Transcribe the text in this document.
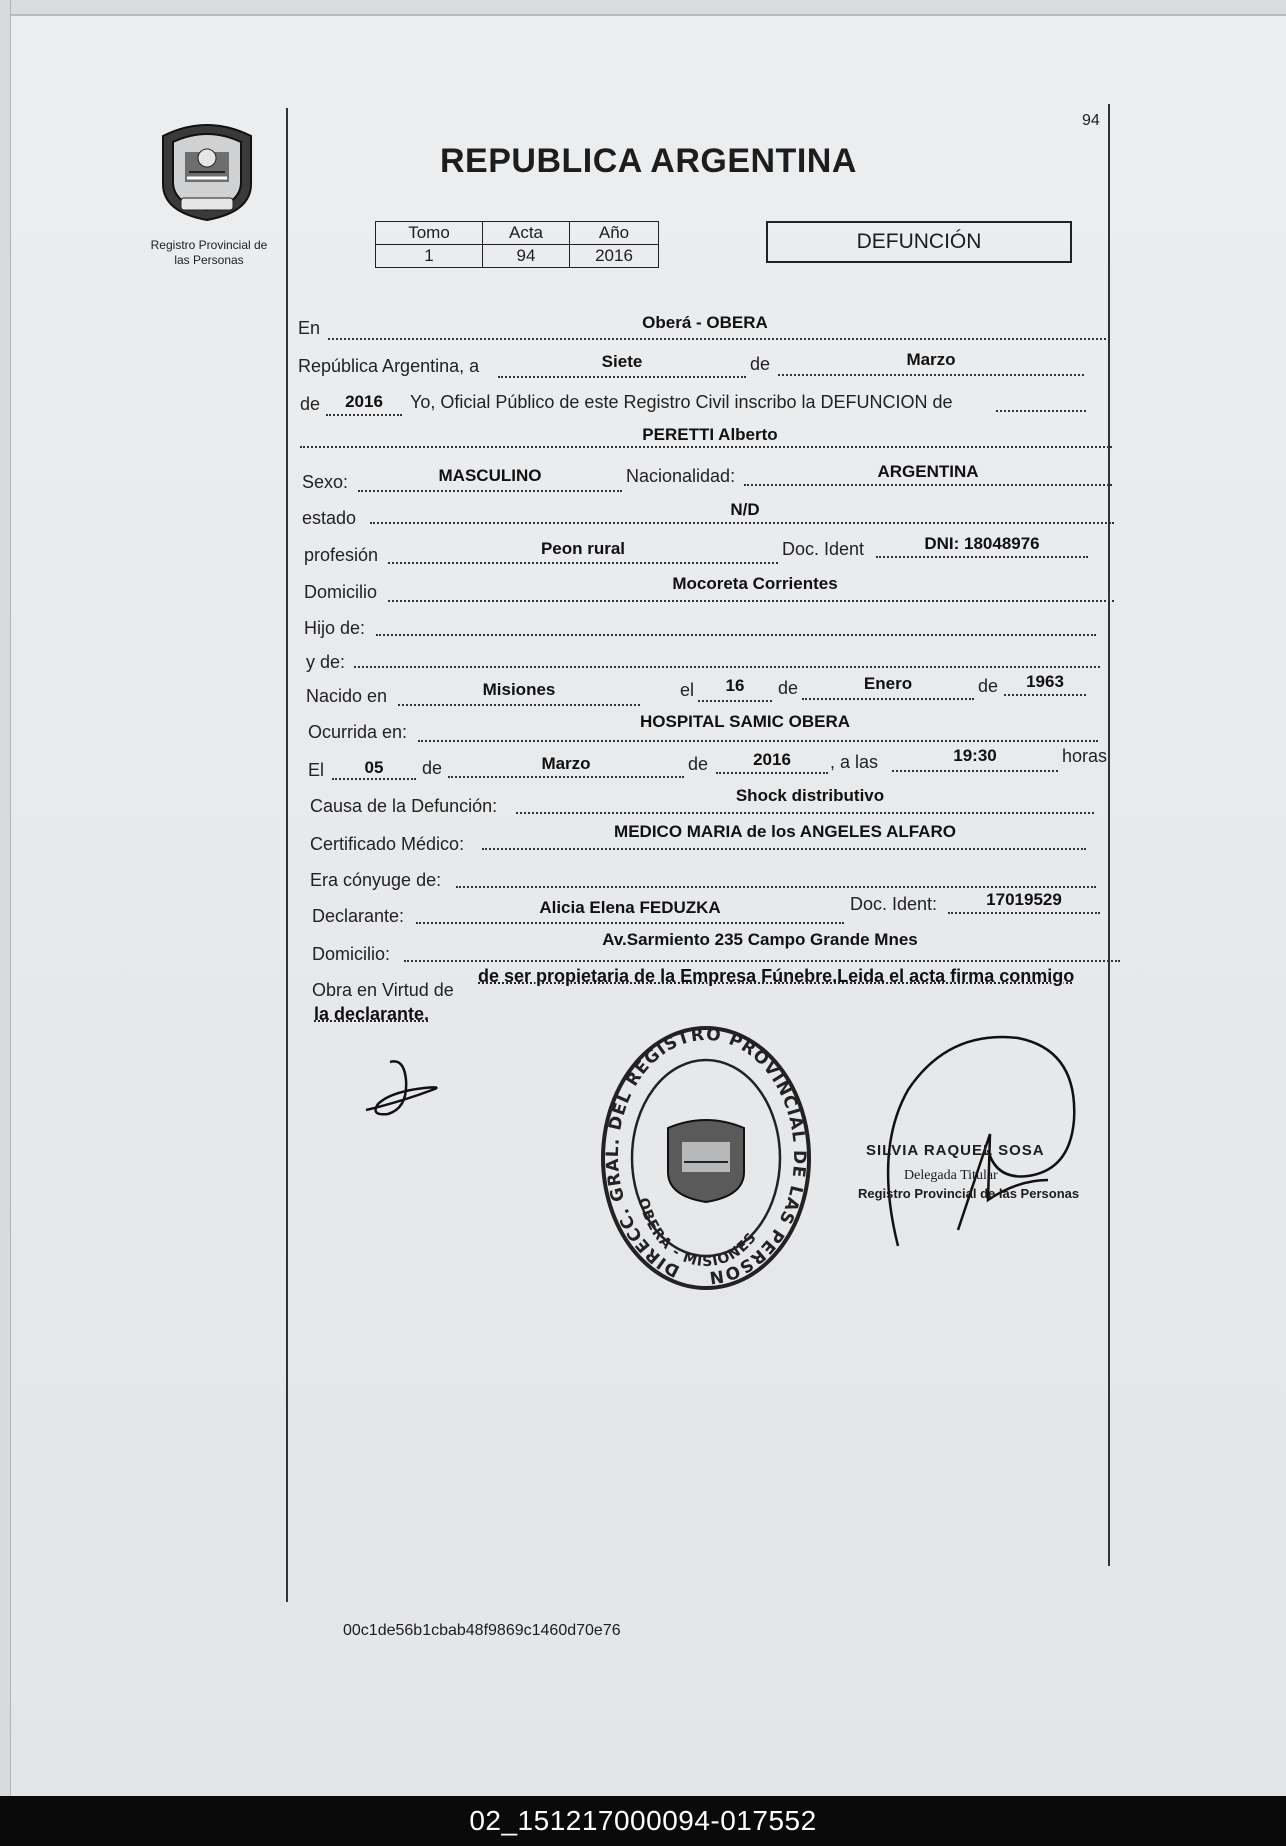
94
Registro Provincial de
las Personas
REPUBLICA ARGENTINA
Tomo	Acta	Año
1	94	2016
DEFUNCIÓN
En	Oberá - OBERA
República Argentina, a	Siete	de	Marzo
de	2016	Yo, Oficial Público de este Registro Civil inscribo la DEFUNCION de
PERETTI Alberto
Sexo:	MASCULINO	Nacionalidad:	ARGENTINA
estado	N/D
profesión	Peon rural	Doc. Ident	DNI: 18048976
Domicilio	Mocoreta Corrientes
Hijo de:
y de:
Nacido en	Misiones	el	16	de	Enero	de	1963
Ocurrida en:
HOSPITAL SAMIC OBERA
El	05	de	Marzo	de	2016	, a las	19:30	horas
Causa de la Defunción:
Shock distributivo
Certificado Médico:
MEDICO MARIA de los ANGELES ALFARO
Era cónyuge de:
Declarante:	Alicia Elena FEDUZKA	Doc. Ident:	17019529
Domicilio:
Av.Sarmiento 235 Campo Grande Mnes
Obra en Virtud de
de ser propietaria de la Empresa Fúnebre.Leida el acta firma conmigo
la declarante.
DIRECC. GRAL. DEL REGISTRO PROVINCIAL DE LAS PERSON
OBERA - MISIONES
SILVIA RAQUEL SOSA
Delegada Titular
Registro Provincial de las Personas
00c1de56b1cbab48f9869c1460d70e76
02_151217000094-017552
